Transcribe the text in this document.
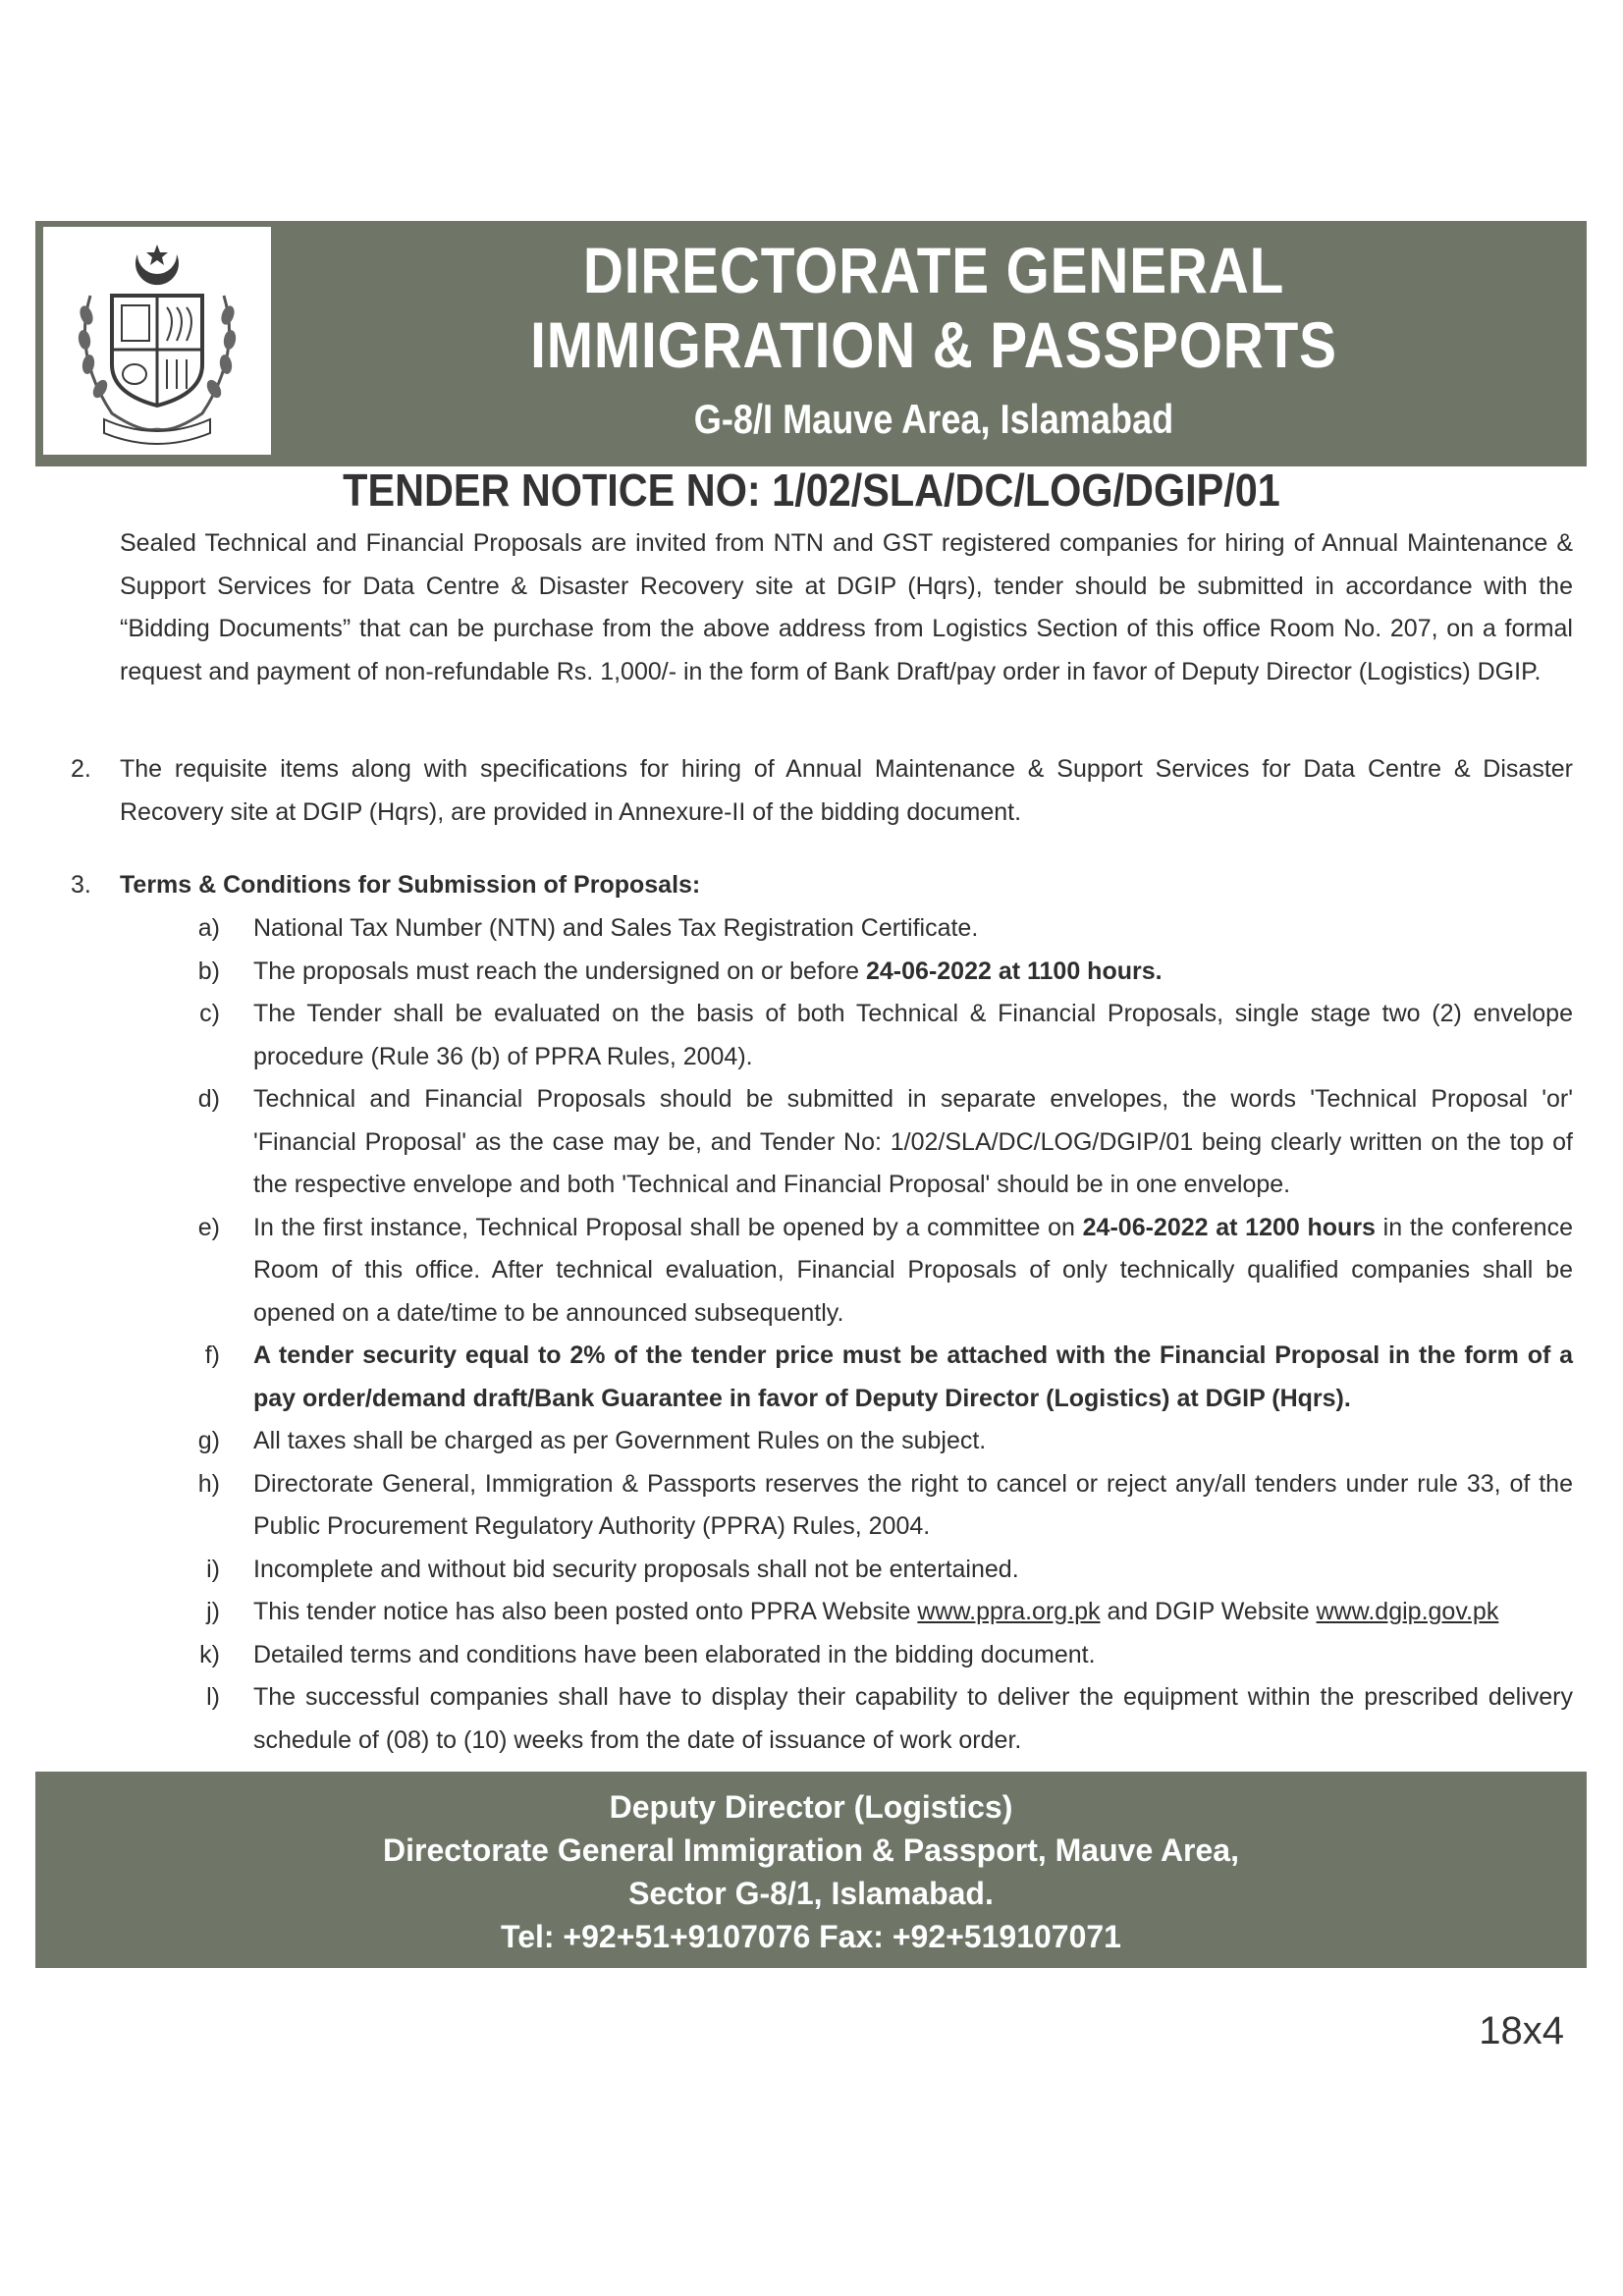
DIRECTORATE GENERAL
IMMIGRATION & PASSPORTS
G-8/I Mauve Area, Islamabad
TENDER NOTICE NO: 1/02/SLA/DC/LOG/DGIP/01
Sealed Technical and Financial Proposals are invited from NTN and GST registered companies for hiring of Annual Maintenance & Support Services for Data Centre & Disaster Recovery site at DGIP (Hqrs), tender should be submitted in accordance with the “Bidding Documents” that can be purchase from the above address from Logistics Section of this office Room No. 207, on a formal request and payment of non-refundable Rs. 1,000/- in the form of Bank Draft/pay order in favor of Deputy Director (Logistics) DGIP.
2. The requisite items along with specifications for hiring of Annual Maintenance & Support Services for Data Centre & Disaster Recovery site at DGIP (Hqrs), are provided in Annexure-II of the bidding document.
3. Terms & Conditions for Submission of Proposals:
a) National Tax Number (NTN) and Sales Tax Registration Certificate.
b) The proposals must reach the undersigned on or before 24-06-2022 at 1100 hours.
c) The Tender shall be evaluated on the basis of both Technical & Financial Proposals, single stage two (2) envelope procedure (Rule 36 (b) of PPRA Rules, 2004).
d) Technical and Financial Proposals should be submitted in separate envelopes, the words 'Technical Proposal 'or' 'Financial Proposal' as the case may be, and Tender No: 1/02/SLA/DC/LOG/DGIP/01 being clearly written on the top of the respective envelope and both 'Technical and Financial Proposal' should be in one envelope.
e) In the first instance, Technical Proposal shall be opened by a committee on 24-06-2022 at 1200 hours in the conference Room of this office. After technical evaluation, Financial Proposals of only technically qualified companies shall be opened on a date/time to be announced subsequently.
f) A tender security equal to 2% of the tender price must be attached with the Financial Proposal in the form of a pay order/demand draft/Bank Guarantee in favor of Deputy Director (Logistics) at DGIP (Hqrs).
g) All taxes shall be charged as per Government Rules on the subject.
h) Directorate General, Immigration & Passports reserves the right to cancel or reject any/all tenders under rule 33, of the Public Procurement Regulatory Authority (PPRA) Rules, 2004.
i) Incomplete and without bid security proposals shall not be entertained.
j) This tender notice has also been posted onto PPRA Website www.ppra.org.pk and DGIP Website www.dgip.gov.pk
k) Detailed terms and conditions have been elaborated in the bidding document.
l) The successful companies shall have to display their capability to deliver the equipment within the prescribed delivery schedule of (08) to (10) weeks from the date of issuance of work order.
Deputy Director (Logistics)
Directorate General Immigration & Passport, Mauve Area,
Sector G-8/1, Islamabad.
Tel: +92+51+9107076 Fax: +92+519107071
18x4
